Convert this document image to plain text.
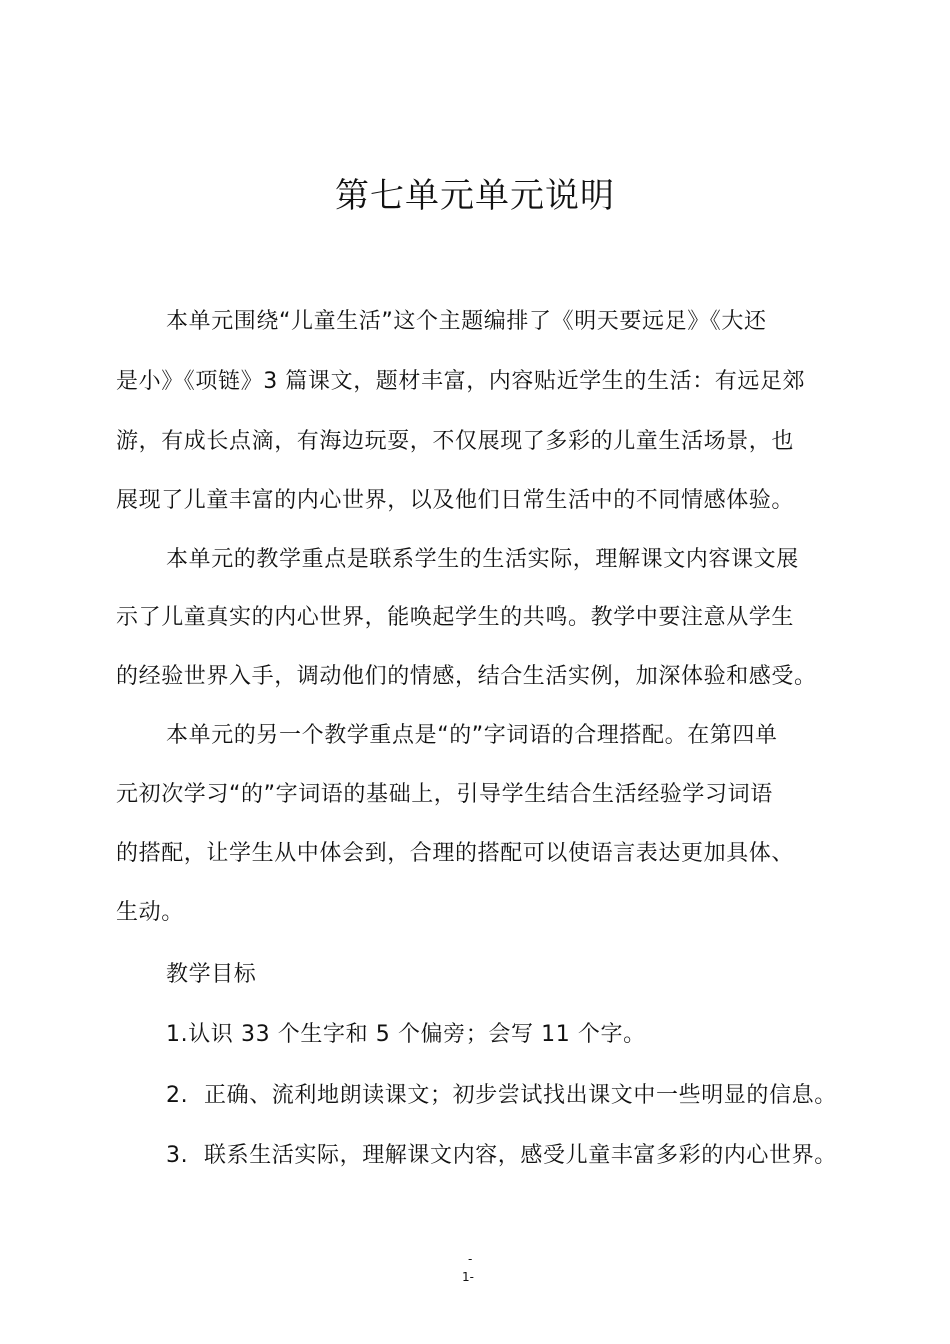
第七单元单元说明
本单元围绕“儿童生活”这个主题编排了《明天要远足》《大还
是小》《项链》3 篇课文，题材丰富，内容贴近学生的生活：有远足郊
游，有成长点滴，有海边玩耍，不仅展现了多彩的儿童生活场景，也
展现了儿童丰富的内心世界，以及他们日常生活中的不同情感体验。
本单元的教学重点是联系学生的生活实际，理解课文内容课文展
示了儿童真实的内心世界，能唤起学生的共鸣。教学中要注意从学生
的经验世界入手，调动他们的情感，结合生活实例，加深体验和感受。
本单元的另一个教学重点是“的”字词语的合理搭配。在第四单
元初次学习“的”字词语的基础上，引导学生结合生活经验学习词语
的搭配，让学生从中体会到，合理的搭配可以使语言表达更加具体、
生动。
教学目标
1.认识 33 个生字和 5 个偏旁；会写 11 个字。
2. 正确、流利地朗读课文；初步尝试找出课文中一些明显的信息。
3. 联系生活实际，理解课文内容，感受儿童丰富多彩的内心世界。
-
1-
